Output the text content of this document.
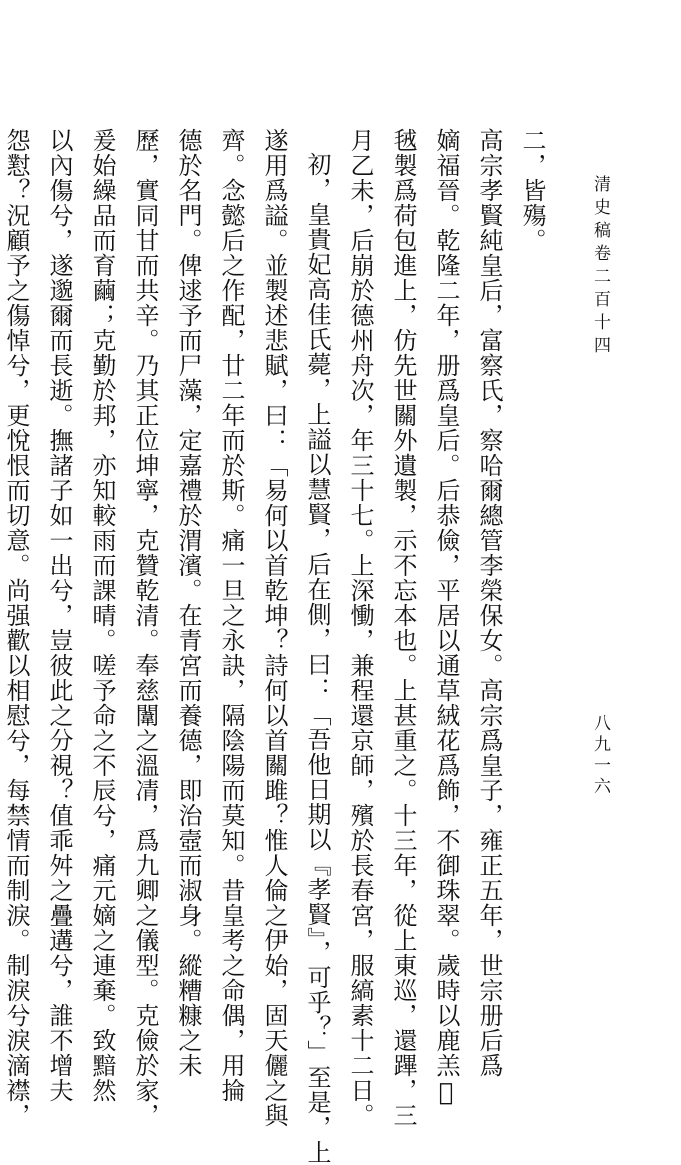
清史稿卷二百十四
八九一六
二，皆殤。
高宗孝賢純皇后，富察氏，察哈爾總管李榮保女。高宗爲皇子，雍正五年，世宗册后爲
嫡福晉。乾隆二年，册爲皇后。后恭儉，平居以通草絨花爲飾，不御珠翠。歲時以鹿羔𣯛
毧製爲荷包進上，仿先世關外遺製，示不忘本也。上甚重之。十三年，從上東巡，還蹕，三
月乙未，后崩於德州舟次，年三十七。上深慟，兼程還京師，殯於長春宮，服縞素十二日。
初，皇貴妃高佳氏薨，上謚以慧賢，后在側，曰：「吾他日期以『孝賢』，可乎？」至是，上
遂用爲謚。並製述悲賦，曰：「易何以首乾坤？詩何以首關雎？惟人倫之伊始，固天儷之與
齊。念懿后之作配，廿二年而於斯。痛一旦之永訣，隔陰陽而莫知。昔皇考之命偶，用掄
德於名門。俾逑予而尸藻，定嘉禮於渭濱。在青宮而養德，即治壼而淑身。縱糟糠之未
歷，實同甘而共辛。乃其正位坤寧，克贊乾清。奉慈闈之溫凊，爲九卿之儀型。克儉於家，
爰始繰品而育繭；克勤於邦，亦知較雨而課晴。嗟予命之不辰兮，痛元嫡之連棄。致黯然
以內傷兮，遂邈爾而長逝。撫諸子如一出兮，豈彼此之分視？值乖舛之疊遘兮，誰不增夫
怨懟？況顧予之傷悼兮，更悅恨而切意。尚强歡以相慰兮，每禁情而制淚。制淚兮淚滴襟，
